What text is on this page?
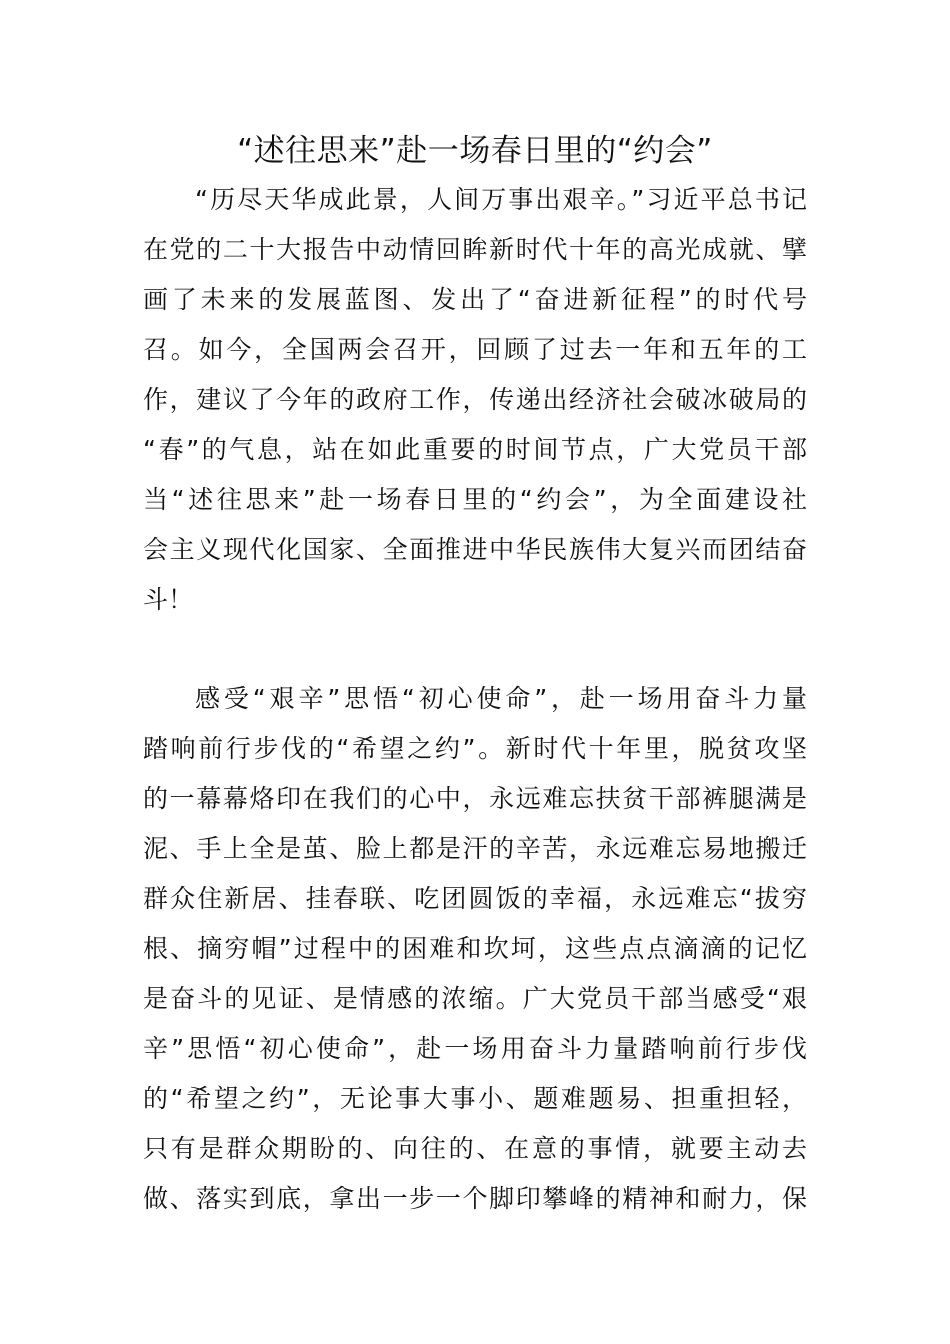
“述往思来”赴一场春日里的“约会”
“历尽天华成此景，人间万事出艰辛。”习近平总书记
在党的二十大报告中动情回眸新时代十年的高光成就、擘
画了未来的发展蓝图、发出了“奋进新征程”的时代号
召。如今，全国两会召开，回顾了过去一年和五年的工
作，建议了今年的政府工作，传递出经济社会破冰破局的
“春”的气息，站在如此重要的时间节点，广大党员干部
当“述往思来”赴一场春日里的“约会”，为全面建设社
会主义现代化国家、全面推进中华民族伟大复兴而团结奋
斗！
感受“艰辛”思悟“初心使命”，赴一场用奋斗力量
踏响前行步伐的“希望之约”。新时代十年里，脱贫攻坚
的一幕幕烙印在我们的心中，永远难忘扶贫干部裤腿满是
泥、手上全是茧、脸上都是汗的辛苦，永远难忘易地搬迁
群众住新居、挂春联、吃团圆饭的幸福，永远难忘“拔穷
根、摘穷帽”过程中的困难和坎坷，这些点点滴滴的记忆
是奋斗的见证、是情感的浓缩。广大党员干部当感受“艰
辛”思悟“初心使命”，赴一场用奋斗力量踏响前行步伐
的“希望之约”，无论事大事小、题难题易、担重担轻，
只有是群众期盼的、向往的、在意的事情，就要主动去
做、落实到底，拿出一步一个脚印攀峰的精神和耐力，保
